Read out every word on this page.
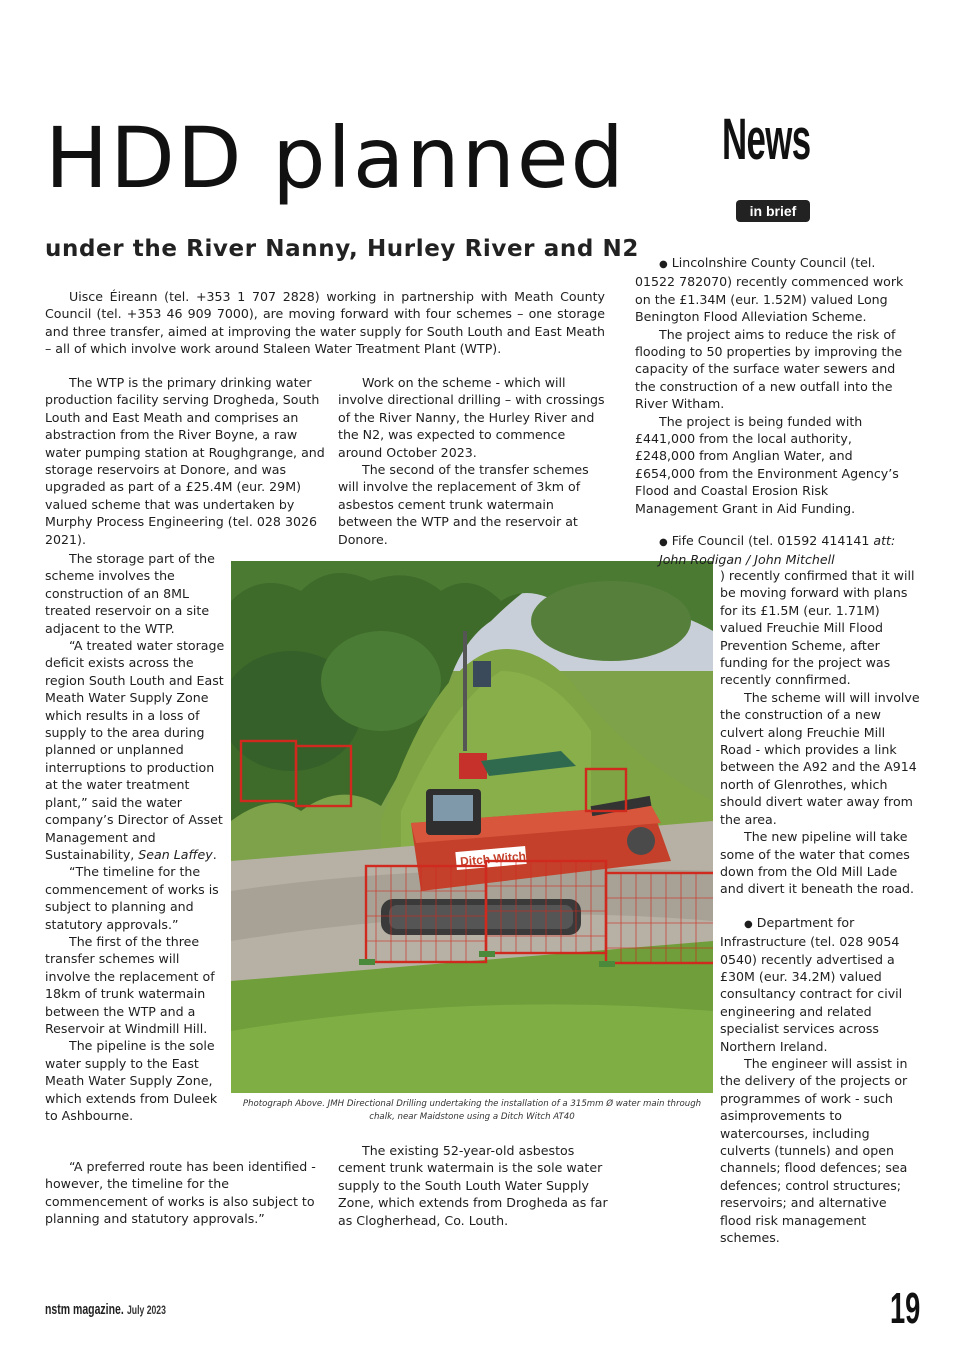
HDD planned
under the River Nanny, Hurley River and N2
News
in brief

Uisce Éireann (tel. +353 1 707 2828) working in partnership with Meath County Council (tel. +353 46 909 7000), are moving forward with four schemes – one storage and three transfer, aimed at improving the water supply for South Louth and East Meath – all of which involve work around Staleen Water Treatment Plant (WTP).

The WTP is the primary drinking water production facility serving Drogheda, South Louth and East Meath and comprises an abstraction from the River Boyne, a raw water pumping station at Roughgrange, and storage reservoirs at Donore, and was upgraded as part of a £25.4M (eur. 29M) valued scheme that was undertaken by Murphy Process Engineering (tel. 028 3026 2021).

The storage part of the scheme involves the construction of an 8ML treated reservoir on a site adjacent to the WTP.

“A treated water storage deficit exists across the region South Louth and East Meath Water Supply Zone which results in a loss of supply to the area during planned or unplanned interruptions to production at the water treatment plant,” said the water company’s Director of Asset Management and Sustainability, Sean Laffey.

“The timeline for the commencement of works is subject to planning and statutory approvals.”

The first of the three transfer schemes will involve the replacement of 18km of trunk watermain between the WTP and a Reservoir at Windmill Hill.

The pipeline is the sole water supply to the East Meath Water Supply Zone, which extends from Duleek to Ashbourne.

“A preferred route has been identified - however, the timeline for the commencement of works is also subject to planning and statutory approvals.”

Work on the scheme - which will involve directional drilling – with crossings of the River Nanny, the Hurley River and the N2, was expected to commence around October 2023.

The second of the transfer schemes will involve the replacement of 3km of asbestos cement trunk watermain between the WTP and the reservoir at Donore.

The existing 52-year-old asbestos cement trunk watermain is the sole water supply to the South Louth Water Supply Zone, which extends from Drogheda as far as Clogherhead, Co. Louth.

Ditch Witch
Photograph Above. JMH Directional Drilling undertaking the installation of a 315mm Ø water main through chalk, near Maidstone using a Ditch Witch AT40

● Lincolnshire County Council (tel. 01522 782070) recently commenced work on the £1.34M (eur. 1.52M) valued Long Benington Flood Alleviation Scheme.

The project aims to reduce the risk of flooding to 50 properties by improving the capacity of the surface water sewers and the construction of a new outfall into the River Witham.

The project is being funded with £441,000 from the local authority, £248,000 from Anglian Water, and £654,000 from the Environment Agency’s Flood and Coastal Erosion Risk Management Grant in Aid Funding.

● Fife Council (tel. 01592 414141 att: John Rodigan / John Mitchell

) recently confirmed that it will be moving forward with plans for its £1.5M (eur. 1.71M) valued Freuchie Mill Flood Prevention Scheme, after funding for the project was recently connfirmed.

The scheme will will involve the construction of a new culvert along Freuchie Mill Road - which provides a link between the A92 and the A914 north of Glenrothes, which should divert water away from the area.

The new pipeline will take some of the water that comes down from the Old Mill Lade and divert it beneath the road.

● Department for Infrastructure (tel. 028 9054 0540) recently advertised a £30M (eur. 34.2M) valued consultancy contract for civil engineering and related specialist services across Northern Ireland.

The engineer will assist in the delivery of the projects or programmes of work - such asimprovements to watercourses, including culverts (tunnels) and open channels; flood defences; sea defences; control structures; reservoirs; and alternative flood risk management schemes.

nstm magazine. July 2023	19
